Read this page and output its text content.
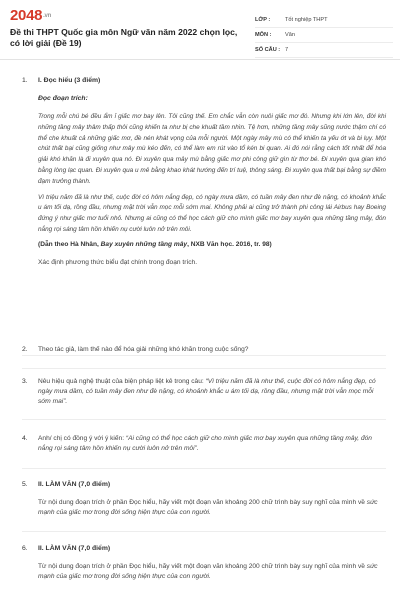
$2048^{.vn}$
Đề thi THPT Quốc gia môn Ngữ văn năm 2022 chọn lọc, có lời giải (Đề 19)
LỚP :	Tốt nghiệp THPT
MÔN :	Văn
SỐ CÂU : 7
1. I. Đọc hiểu (3 điểm)
Đọc đoạn trích:

Trong mỗi chú bé đều ẩm ỉ giấc mơ bay lên. Tôi cũng thế. Em chắc vẫn còn nuôi giấc mơ đó. Nhưng khi lớn lên, đời khi những tầng mây thâm thấp thôi cũng khiến ta như bị che khuất tầm nhìn. Tệ hơn, những tầng mây sũng nước thậm chí có thể che khuất cả những giấc mơ, đè nén khát vọng của mỗi người. Một ngày mây mù có thể khiến ta yếu ớt và bi lụy. Một chút thất bại cũng giống như mây mù kéo đến, có thể làm em rút vào tổ kén bi quan. Ai đó nói rằng cách tốt nhất để hóa giải khó khăn là đi xuyên qua nó. Đi xuyên qua mây mù bằng giấc mơ phi công giữ gìn từ thơ bé. Đi xuyên qua gian khó bằng lòng lạc quan. Đi xuyên qua u mê bằng khao khát hướng đến trí tuệ, thông sáng. Đi xuyên qua thất bại bằng sự điềm đạm trưởng thành.

Vì triệu năm đã là như thế, cuộc đời có hôm nắng đẹp, có ngày mưa dầm, có tuần mây đen như đè nặng, có khoảnh khắc u ám tối dạ, rồng đầu, nhưng mặt trời vẫn mọc mỗi sớm mai. Không phải ai cũng trở thành phi công lái Airbus hay Boeing đứng ý như giấc mơ tuổi nhỏ. Nhưng ai cũng có thể học cách giữ cho mình giấc mơ bay xuyên qua những tầng mây, đón nắng rọi sáng tâm hồn khiến nụ cười luôn nở trên môi.

(Dẫn theo Hà Nhân, Bay xuyên những tầng mây, NXB Văn học. 2016, tr. 98)
Xác định phương thức biểu đạt chính trong đoạn trích.
2. Theo tác giả, làm thế nào để hóa giải những khó khăn trong cuộc sống?
3. Nêu hiệu quả nghệ thuật của biện pháp liệt kê trong câu: “Vì triệu năm đã là như thế, cuộc đời có hôm nắng đẹp, có ngày mưa dầm, có tuần mây đen như đè nặng, có khoảnh khắc u ám tối dạ, rồng đầu, nhưng mặt trời vẫn mọc mỗi sớm mai”.
4. Anh/ chị có đồng ý với ý kiến: “Ai cũng có thể học cách giữ cho mình giấc mơ bay xuyên qua những tầng mây, đón nắng rọi sáng tâm hồn khiến nụ cười luôn nở trên môi”.
5. II. LÀM VĂN (7,0 điểm)
Từ nội dung đoạn trích ở phần Đọc hiểu, hãy viết một đoạn văn khoảng 200 chữ trình bày suy nghĩ của mình về sức mạnh của giấc mơ trong đời sống hiện thực của con người.
6. II. LÀM VĂN (7,0 điểm)
Từ nội dung đoạn trích ở phần Đọc hiểu, hãy viết một đoạn văn khoảng 200 chữ trình bày suy nghĩ của mình về sức mạnh của giấc mơ trong đời sống hiện thực của con người.
